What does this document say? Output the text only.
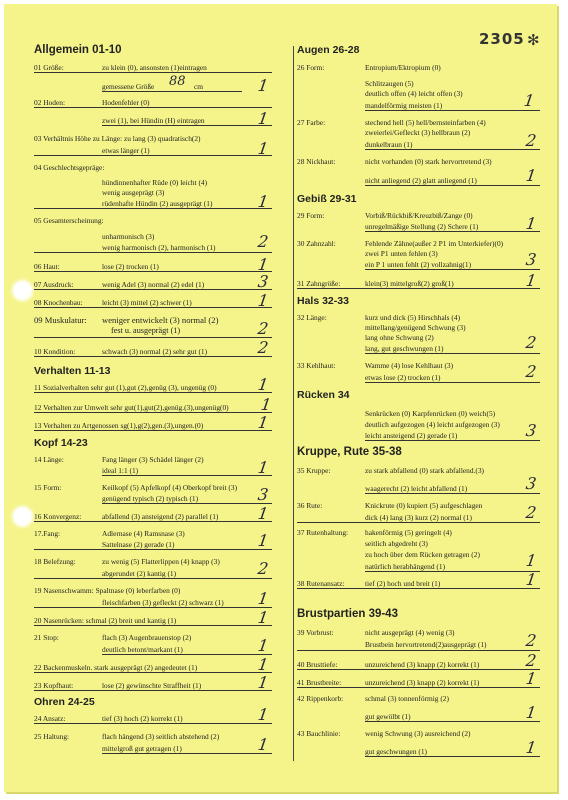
2305 ✻
Allgemein 01-10
01 Größe:	zu klein (0), ansonsten (1)eintragen
gemessene Größe 88 cm	1
02 Hoden:	Hodenfehler (0)
zwei (1), bei Hündin (H) eintragen	1
03 Verhältnis Höhe zu Länge: zu lang (3) quadratisch(2)
etwas länger (1)	1
04 Geschlechtsgepräge:
hündinnenhafter Rüde (0) leicht (4)
wenig ausgeprägt (3)
rüdenhafte Hündin (2) ausgeprägt (1)	1
05 Gesamterscheinung:
unharmonisch (3)
wenig harmonisch (2), harmonisch (1)	2
06 Haut:	lose (2) trocken (1)	1
07 Ausdruck:	wenig Adel (3) normal (2) edel (1)	3
08 Knochenbau:	leicht (3) mittel (2) schwer (1)	1
09 Muskulatur: weniger entwickelt (3) normal (2)
fest u. ausgeprägt (1)	2
10 Kondition:	schwach (3) normal (2) sehr gut (1)	2
Verhalten 11-13
11 Sozialverhalten sehr gut (1),gut (2),genüg (3), ungenüg (0)	1
12 Verhalten zur Umwelt sehr gut(1),gut(2),genüg.(3),ungenüg(0) 1
13 Verhalten zu Artgenossen sg(1),g(2),gen.(3),ungen.(0)	1
Kopf 14-23
14 Länge:	Fang länger (3) Schädel länger (2)
ideal 1:1 (1)	1
15 Form:	Keilkopf (5) Apfelkopf (4) Oberkopf breit (3)
genügend typisch (2) typisch (1)	3
16 Konvergenz:	abfallend (3) ansteigend (2) parallel (1) 1
17.Fang:	Adlernase (4) Ramsnase (3)
Sattelnase (2) gerade (1)	1
18 Belefzung:	zu wenig (5) Flatterlippen (4) knapp (3)
abgerundet (2) kantig (1)	2
19 Nasenschwamm: Spaltnase (0) leberfarben (0)
fleischfarben (3) gefleckt (2) schwarz (1) 1
20 Nasenrücken: schmal (2) breit und kantig (1)	1
21 Stop:	flach (3) Augenbrauenstop (2)
deutlich betont/markant (1)	1
22 Backenmuskeln. stark ausgeprägt (2) angedeutet (1)	1
23 Kopfhaut:	lose (2) gewünschte Straffheit (1)	1
Ohren 24-25
24 Ansatz:	tief (3) hoch (2) korrekt (1)	1
25 Haltung:	flach hängend (3) seitlich abstehend (2)
mittelgroß gut getragen (1)	1
Augen 26-28
26 Form:	Entropium/Ektropium (0)
Schlitzaugen (5)
deutlich offen (4) leicht offen (3)
mandelförmig meisten (1)	1
27 Farbe:	stechend hell (5) hell/bernsteinfarben (4)
zweierlei/Gefleckt (3) hellbraun (2)
dunkelbraun (1)	2
28 Nickhaut:	nicht vorhanden (0) stark hervortretend (3)
nicht anliegend (2) glatt anliegend (1)	1
Gebiß 29-31
29 Form:	Vorbiß/Rückbiß/Kreuzbiß/Zange (0)
unregelmäßige Stellung (2) Schere (1)	1
30 Zahnzahl:	Fehlende Zähne(außer 2 P1 im Unterkiefer)(0)
zwei P1 unten fehlen (3)
ein P 1 unten fehlt (2) vollzahnig(1)	3
31 Zahngröße:	klein(3) mittelgroß(2) groß(1)	1
Hals 32-33
32 Länge:	kurz und dick (5) Hirschhals (4)
mittellang/genügend Schwung (3)
lang ohne Schwung (2)
lang, gut geschwungen (1)	2
33 Kehlhaut:	Wamme (4) lose Kehlhaut (3)
etwas lose (2) trocken (1)	2
Rücken 34
Senkrücken (0) Karpfenrücken (0) weich(5)
deutlich aufgezogen (4) leicht aufgezogen (3)
leicht ansteigend (2) gerade (1)	3
Kruppe, Rute 35-38
35 Kruppe:	zu stark abfallend (0) stark abfallend.(3)
waagerecht (2) leicht abfallend (1)	3
36 Rute:	Knickrute (0) kupiert (5) aufgeschlagen
dick (4) lang (3) kurz (2) normal (1)	2
37 Rutenhaltung: hakenförmig (5) geringelt (4)
seitlich abgedreht (3)
zu hoch über dem Rücken getragen (2)
natürlich herabhängend (1)	1
38 Rutenansatz:	tief (2) hoch und breit (1)	1
Brustpartien 39-43
39 Vorbrust:	nicht ausgeprägt (4) wenig (3)
Brustbein hervortretend(2)ausgeprägt (1) 2
40 Brusttiefe:	unzureichend (3) knapp (2) korrekt (1)	2
41 Brustbreite:	unzureichend (3) knapp (2) korrekt (1)	1
42 Rippenkorb:	schmal (3) tonnenförmig (2)
gut gewölbt (1)	1
43 Bauchlinie:	wenig Schwung (3) ausreichend (2)
gut geschwungen (1)	1
